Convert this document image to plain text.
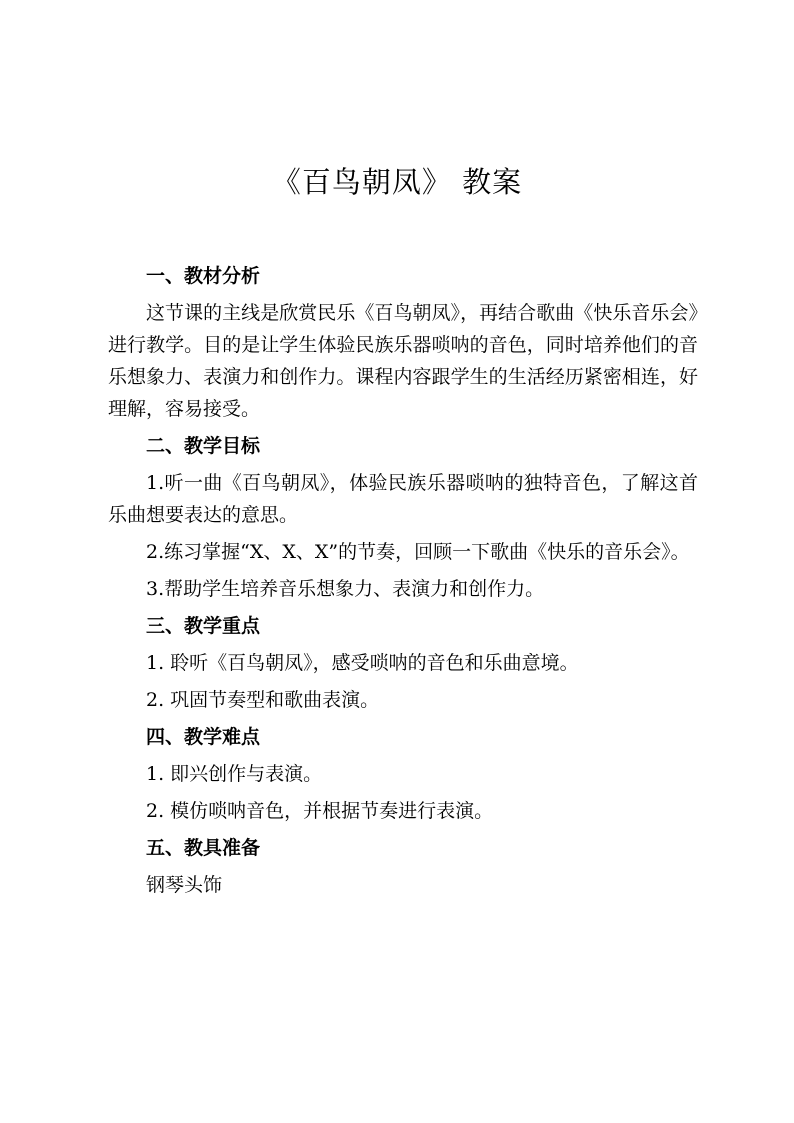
《百鸟朝凤》 教案

一、教材分析

这节课的主线是欣赏民乐《百鸟朝凤》，再结合歌曲《快乐音乐会》进行教学。目的是让学生体验民族乐器唢呐的音色，同时培养他们的音乐想象力、表演力和创作力。课程内容跟学生的生活经历紧密相连，好理解，容易接受。

二、教学目标

1.听一曲《百鸟朝凤》，体验民族乐器唢呐的独特音色，了解这首乐曲想要表达的意思。

2.练习掌握“X、X、X”的节奏，回顾一下歌曲《快乐的音乐会》。

3.帮助学生培养音乐想象力、表演力和创作力。

三、教学重点

1. 聆听《百鸟朝凤》，感受唢呐的音色和乐曲意境。

2. 巩固节奏型和歌曲表演。

四、教学难点

1. 即兴创作与表演。

2. 模仿唢呐音色，并根据节奏进行表演。

五、教具准备

钢琴头饰
